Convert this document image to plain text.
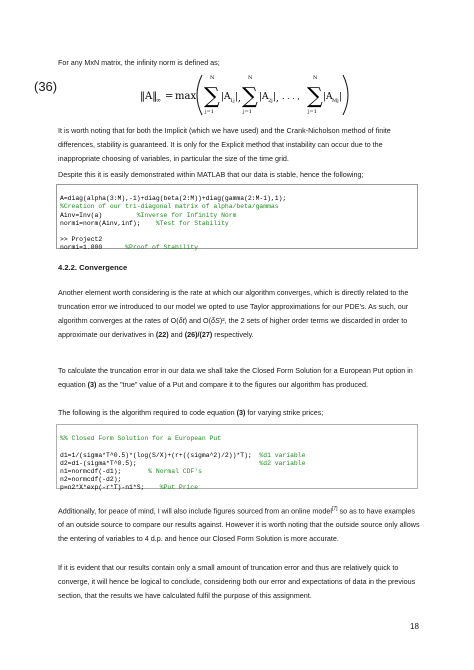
For any MxN matrix, the infinity norm is defined as;

(36)
‖A‖
∞ = max
N
∑
j=1
|A 1j | ,
N
∑
j=1
|A 2j | , . . . ,
N
∑
j=1
|A Mj |

It is worth noting that for both the Implicit (which we have used) and the Crank-Nicholson method of finite differences, stability is guaranteed. It is only for the Explicit method that instability can occur due to the inappropriate choosing of variables, in particular the size of the time grid.

Despite this it is easily demonstrated within MATLAB that our data is stable, hence the following;

A=diag(alpha(3:M),-1)+diag(beta(2:M))+diag(gamma(2:M-1),1);
%Creation of our tri-diagonal matrix of alpha/beta/gammas
Ainv=Inv(a)         %Inverse for Infinity Norm
normi=norm(Ainv,inf);    %Test for Stability
>> Project2
normi=1.000      %Proof of Stability

4.2.2. Convergence

Another element worth considering is the rate at which our algorithm converges, which is directly related to the truncation error we introduced to our model we opted to use Taylor approximations for our PDE’s. As such, our algorithm converges at the rates of O(δt) and O(δS)², the 2 sets of higher order terms we discarded in order to approximate our derivatives in (22) and (26)/(27) respectively.

To calculate the truncation error in our data we shall take the Closed Form Solution for a European Put option in equation (3) as the "true" value of a Put and compare it to the figures our algorithm has produced.

The following is the algorithm required to code equation (3) for varying strike prices;

%% Closed Form Solution for a European Put
d1=1/(sigma*T^0.5)*(log(S/X)+(r+((sigma^2)/2))*T);  %d1 variable
d2=d1-(sigma*T^0.5);                                %d2 variable
n1=normcdf(-d1);       % Normal CDF's
n2=normcdf(-d2);
p=n2*X*exp(-r*T)-n1*S;    %Put Price

Additionally, for peace of mind, I will also include figures sourced from an online model[7] so as to have examples of an outside source to compare our results against. However it is worth noting that the outside source only allows the entering of variables to 4 d.p. and hence our Closed Form Solution is more accurate.

If it is evident that our results contain only a small amount of truncation error and thus are relatively quick to converge, it will hence be logical to conclude, considering both our error and expectations of data in the previous section, that the results we have calculated fulfil the purpose of this assignment.

18
